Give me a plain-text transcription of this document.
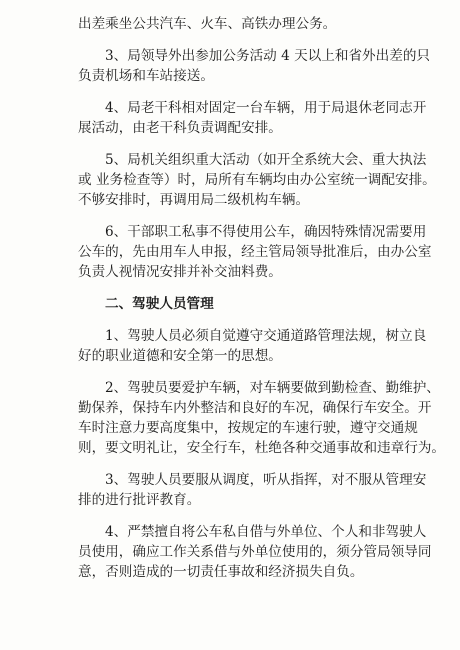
出差乘坐公共汽车、火车、高铁办理公务。

3、局领导外出参加公务活动 4 天以上和省外出差的只

负责机场和车站接送。

4、局老干科相对固定一台车辆，用于局退休老同志开

展活动，由老干科负责调配安排。

5、局机关组织重大活动（如开全系统大会、重大执法

或 业务检查等）时，局所有车辆均由办公室统一调配安排。

不够安排时，再调用局二级机构车辆。

6、干部职工私事不得使用公车，确因特殊情况需要用

公车的，先由用车人申报，经主管局领导批准后，由办公室

负责人视情况安排并补交油料费。

二、驾驶人员管理

1、驾驶人员必须自觉遵守交通道路管理法规，树立良

好的职业道德和安全第一的思想。

2、驾驶员要爱护车辆，对车辆要做到勤检查、勤维护、

勤保养，保持车内外整洁和良好的车况，确保行车安全。开

车时注意力要高度集中，按规定的车速行驶，遵守交通规

则，要文明礼让，安全行车，杜绝各种交通事故和违章行为。

3、驾驶人员要服从调度，听从指挥，对不服从管理安

排的进行批评教育。

4、严禁擅自将公车私自借与外单位、个人和非驾驶人

员使用，确应工作关系借与外单位使用的，须分管局领导同

意，否则造成的一切责任事故和经济损失自负。
